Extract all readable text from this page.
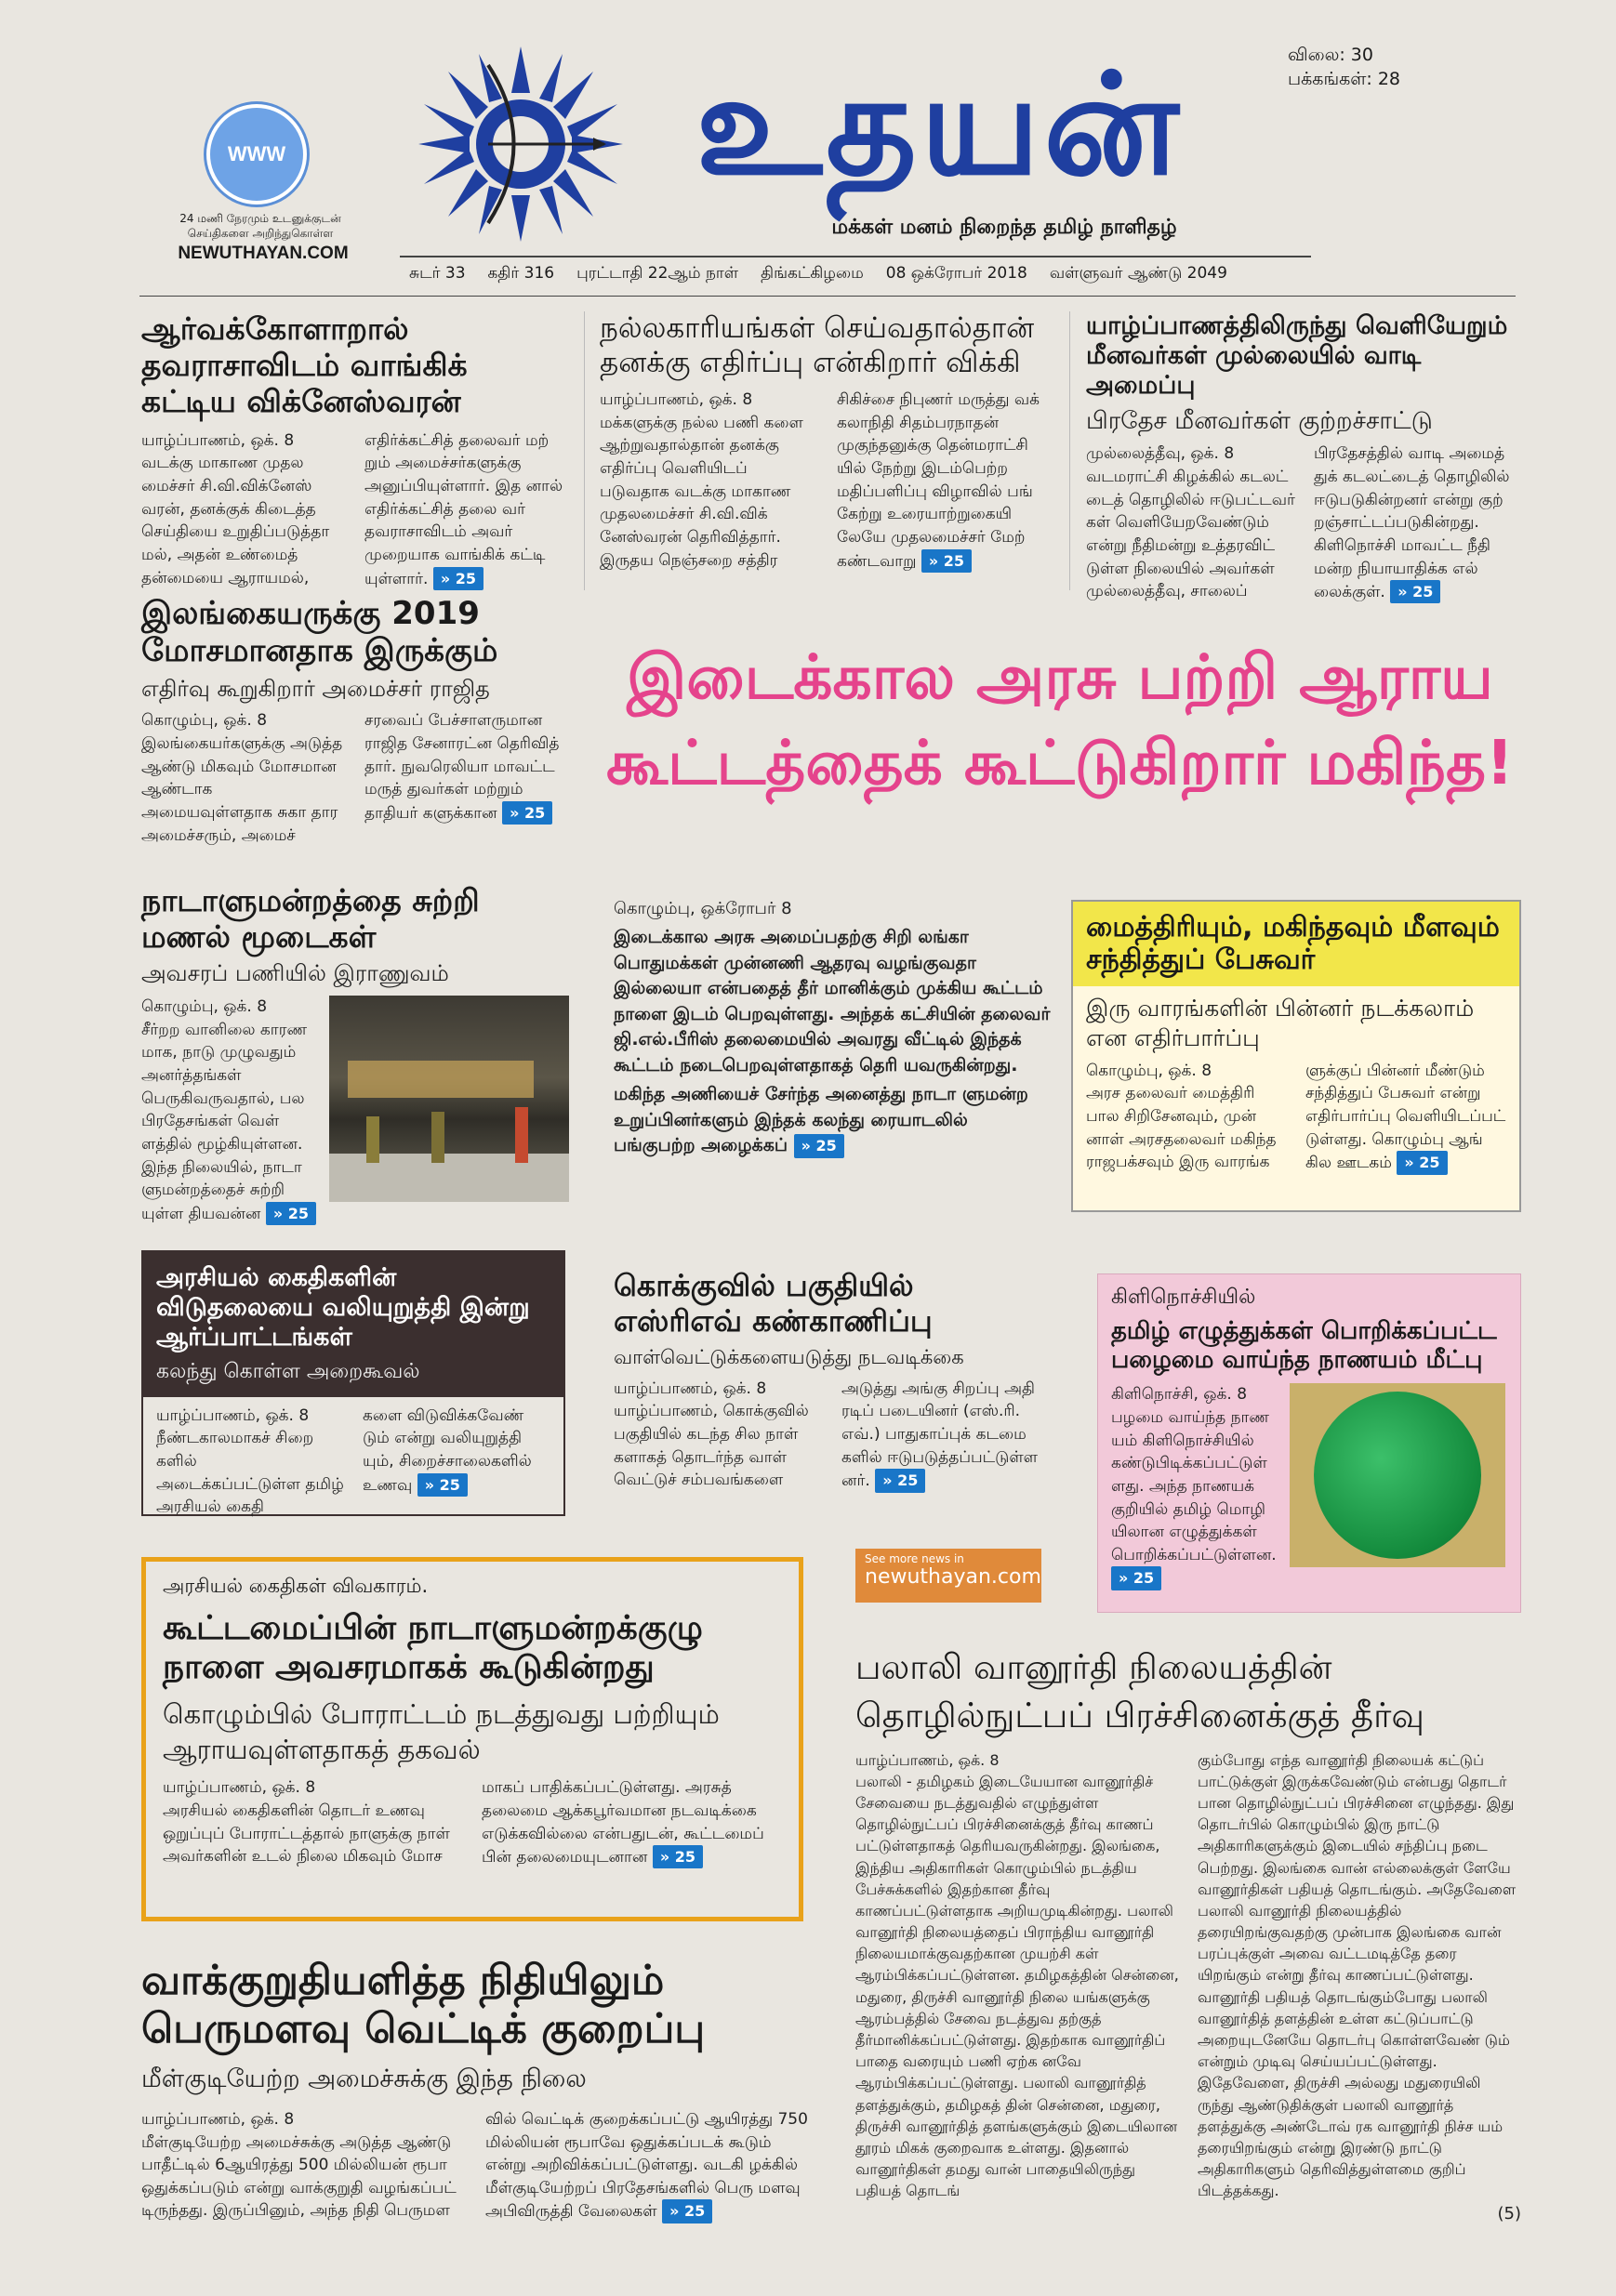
WWW
24 மணி நேரமும் உடனுக்குடன் செய்திகளை அறிந்துகொள்ள
NEWUTHAYAN.COM
உதயன்
மக்கள் மனம் நிறைந்த தமிழ் நாளிதழ்
விலை: 30
பக்கங்கள்: 28
சுடர் 33 கதிர் 316 புரட்டாதி 22ஆம் நாள் திங்கட்கிழமை 08 ஒக்ரோபர் 2018 வள்ளுவர் ஆண்டு 2049
ஆர்வக்கோளாறால் தவராசாவிடம் வாங்கிக் கட்டிய விக்னேஸ்வரன்
யாழ்ப்பாணம், ஒக். 8
வடக்கு மாகாண முதல மைச்சர் சி.வி.விக்னேஸ் வரன், தனக்குக் கிடைத்த செய்தியை உறுதிப்படுத்தா மல், அதன் உண்மைத் தன்மையை ஆராயமல்,
எதிர்க்கட்சித் தலைவர் மற் றும் அமைச்சர்களுக்கு அனுப்பியுள்ளார். இத னால் எதிர்க்கட்சித் தலை வர் தவராசாவிடம் அவர் முறையாக வாங்கிக் கட்டி யுள்ளார். » 25
நல்லகாரியங்கள் செய்வதால்தான் தனக்கு எதிர்ப்பு என்கிறார் விக்கி
யாழ்ப்பாணம், ஒக். 8
மக்களுக்கு நல்ல பணி களை ஆற்றுவதால்தான் தனக்கு எதிர்ப்பு வெளியிடப் படுவதாக வடக்கு மாகாண முதலமைச்சர் சி.வி.விக் னேஸ்வரன் தெரிவித்தார். இருதய நெஞ்சறை சத்திர
சிகிச்சை நிபுணர் மருத்து வக் கலாநிதி சிதம்பரநாதன் முகுந்தனுக்கு தென்மராட்சி யில் நேற்று இடம்பெற்ற மதிப்பளிப்பு விழாவில் பங் கேற்று உரையாற்றுகையி லேயே முதலமைச்சர் மேற் கண்டவாறு » 25
யாழ்ப்பாணத்திலிருந்து வெளியேறும் மீனவர்கள் முல்லையில் வாடி அமைப்பு
பிரதேச மீனவர்கள் குற்றச்சாட்டு
முல்லைத்தீவு, ஒக். 8
வடமராட்சி கிழக்கில் கடலட் டைத் தொழிலில் ஈடுபட்டவர் கள் வெளியேறவேண்டும் என்று நீதிமன்று உத்தரவிட் டுள்ள நிலையில் அவர்கள் முல்லைத்தீவு, சாலைப்
பிரதேசத்தில் வாடி அமைத் துக் கடலட்டைத் தொழிலில் ஈடுபடுகின்றனர் என்று குற் றஞ்சாட்டப்படுகின்றது. கிளிநொச்சி மாவட்ட நீதி மன்ற நியாயாதிக்க எல் லைக்குள். » 25
இலங்கையருக்கு 2019 மோசமானதாக இருக்கும்
எதிர்வு கூறுகிறார் அமைச்சர் ராஜித
கொழும்பு, ஒக். 8
இலங்கையர்களுக்கு அடுத்த ஆண்டு மிகவும் மோசமான ஆண்டாக அமையவுள்ளதாக சுகா தார அமைச்சரும், அமைச்
சரவைப் பேச்சாளருமான ராஜித சேனாரட்ன தெரிவித் தார். நுவரெலியா மாவட்ட மருத் துவர்கள் மற்றும் தாதியர் களுக்கான » 25
இடைக்கால அரசு பற்றி ஆராய
கூட்டத்தைக் கூட்டுகிறார் மகிந்த!
நாடாளுமன்றத்தை சுற்றி மணல் மூடைகள்
அவசரப் பணியில் இராணுவம்
கொழும்பு, ஒக். 8
சீர்றற வானிலை காரண மாக, நாடு முழுவதும் அனர்த்தங்கள் பெருகிவருவதால், பல பிரதேசங்கள் வெள் ளத்தில் மூழ்கியுள்ளன. இந்த நிலையில், நாடா ளுமன்றத்தைச் சுற்றி யுள்ள தியவன்ன » 25
கொழும்பு, ஒக்ரோபர் 8
இடைக்கால அரசு அமைப்பதற்கு சிறி லங்கா பொதுமக்கள் முன்னணி ஆதரவு வழங்குவதா இல்லையா என்பதைத் தீர் மானிக்கும் முக்கிய கூட்டம் நாளை இடம் பெறவுள்ளது. அந்தக் கட்சியின் தலைவர் ஜி.எல்.பீரிஸ் தலைமையில் அவரது வீட்டில் இந்தக் கூட்டம் நடைபெறவுள்ளதாகத் தெரி யவருகின்றது.
மகிந்த அணியைச் சேர்ந்த அனைத்து நாடா ளுமன்ற உறுப்பினர்களும் இந்தக் கலந்து ரையாடலில் பங்குபற்ற அழைக்கப் » 25
மைத்திரியும், மகிந்தவும் மீளவும் சந்தித்துப் பேசுவர்
இரு வாரங்களின் பின்னர் நடக்கலாம் என எதிர்பார்ப்பு
கொழும்பு, ஒக். 8
அரச தலைவர் மைத்திரி பால சிறிசேனவும், முன் னாள் அரசதலைவர் மகிந்த ராஜபக்சவும் இரு வாரங்க
ளுக்குப் பின்னர் மீண்டும் சந்தித்துப் பேசுவர் என்று எதிர்பார்ப்பு வெளியிடப்பட் டுள்ளது. கொழும்பு ஆங் கில ஊடகம் » 25
அரசியல் கைதிகளின் விடுதலையை வலியுறுத்தி இன்று ஆர்ப்பாட்டங்கள்
கலந்து கொள்ள அறைகூவல்
யாழ்ப்பாணம், ஒக். 8
நீண்டகாலமாகச் சிறை களில் அடைக்கப்பட்டுள்ள தமிழ் அரசியல் கைதி
களை விடுவிக்கவேண் டும் என்று வலியுறுத்தி யும், சிறைச்சாலைகளில் உணவு » 25
கொக்குவில் பகுதியில் எஸ்ரிஎவ் கண்காணிப்பு
வாள்வெட்டுக்களையடுத்து நடவடிக்கை
யாழ்ப்பாணம், ஒக். 8
யாழ்ப்பாணம், கொக்குவில் பகுதியில் கடந்த சில நாள் களாகத் தொடர்ந்த வாள் வெட்டுச் சம்பவங்களை
அடுத்து அங்கு சிறப்பு அதி ரடிப் படையினர் (எஸ்.ரி. எவ்.) பாதுகாப்புக் கடமை களில் ஈடுபடுத்தப்பட்டுள்ள னர். » 25
See more news in
newuthayan.com
கிளிநொச்சியில்
தமிழ் எழுத்துக்கள் பொறிக்கப்பட்ட பழைமை வாய்ந்த நாணயம் மீட்பு
கிளிநொச்சி, ஒக். 8
பழமை வாய்ந்த நாண யம் கிளிநொச்சியில் கண்டுபிடிக்கப்பட்டுள் ளது. அந்த நாணயக் குறியில் தமிழ் மொழி யிலான எழுத்துக்கள் பொறிக்கப்பட்டுள்ளன. » 25
அரசியல் கைதிகள் விவகாரம்.
கூட்டமைப்பின் நாடாளுமன்றக்குழு நாளை அவசரமாகக் கூடுகின்றது
கொழும்பில் போராட்டம் நடத்துவது பற்றியும் ஆராயவுள்ளதாகத் தகவல்
யாழ்ப்பாணம், ஒக். 8
அரசியல் கைதிகளின் தொடர் உணவு ஒறுப்புப் போராட்டத்தால் நாளுக்கு நாள் அவர்களின் உடல் நிலை மிகவும் மோச
மாகப் பாதிக்கப்பட்டுள்ளது. அரசுத் தலைமை ஆக்கபூர்வமான நடவடிக்கை எடுக்கவில்லை என்பதுடன், கூட்டமைப் பின் தலைமையுடனான » 25
பலாலி வானூர்தி நிலையத்தின் தொழில்நுட்பப் பிரச்சினைக்குத் தீர்வு
யாழ்ப்பாணம், ஒக். 8
பலாலி - தமிழகம் இடையேயான வானூர்திச் சேவையை நடத்துவதில் எழுந்துள்ள தொழில்நுட்பப் பிரச்சினைக்குத் தீர்வு காணப் பட்டுள்ளதாகத் தெரியவருகின்றது. இலங்கை, இந்திய அதிகாரிகள் கொழும்பில் நடத்திய பேச்சுக்களில் இதற்கான தீர்வு காணப்பட்டுள்ளதாக அறியமுடிகின்றது. பலாலி வானூர்தி நிலையத்தைப் பிராந்திய வானூர்தி நிலையமாக்குவதற்கான முயற்சி கள் ஆரம்பிக்கப்பட்டுள்ளன. தமிழகத்தின் சென்னை, மதுரை, திருச்சி வானூர்தி நிலை யங்களுக்கு ஆரம்பத்தில் சேவை நடத்துவ தற்குத் தீர்மானிக்கப்பட்டுள்ளது. இதற்காக வானூர்திப் பாதை வரையும் பணி ஏற்க னவே ஆரம்பிக்கப்பட்டுள்ளது. பலாலி வானூர்தித் தளத்துக்கும், தமிழகத் தின் சென்னை, மதுரை, திருச்சி வானூர்தித் தளங்களுக்கும் இடையிலான தூரம் மிகக் குறைவாக உள்ளது. இதனால் வானூர்திகள் தமது வான் பாதையிலிருந்து பதியத் தொடங்
கும்போது எந்த வானூர்தி நிலையக் கட்டுப் பாட்டுக்குள் இருக்கவேண்டும் என்பது தொடர் பான தொழில்நுட்பப் பிரச்சினை எழுந்தது. இது தொடர்பில் கொழும்பில் இரு நாட்டு அதிகாரிகளுக்கும் இடையில் சந்திப்பு நடை பெற்றது. இலங்கை வான் எல்லைக்குள் ளேயே வானூர்திகள் பதியத் தொடங்கும். அதேவேளை பலாலி வானூர்தி நிலையத்தில் தரையிறங்குவதற்கு முன்பாக இலங்கை வான் பரப்புக்குள் அவை வட்டமடித்தே தரை யிறங்கும் என்று தீர்வு காணப்பட்டுள்ளது. வானூர்தி பதியத் தொடங்கும்போது பலாலி வானூர்தித் தளத்தின் உள்ள கட்டுப்பாட்டு அறையுடனேயே தொடர்பு கொள்ளவேண் டும் என்றும் முடிவு செய்யப்பட்டுள்ளது. இதேவேளை, திருச்சி அல்லது மதுரையிலி ருந்து ஆண்டுதிக்குள் பலாலி வானூர்த் தளத்துக்கு அண்டோவ் ரக வானூர்தி நிச்ச யம் தரையிறங்கும் என்று இரண்டு நாட்டு அதிகாரிகளும் தெரிவித்துள்ளமை குறிப் பிடத்தக்கது.
(5)
வாக்குறுதியளித்த நிதியிலும் பெருமளவு வெட்டிக் குறைப்பு
மீள்குடியேற்ற அமைச்சுக்கு இந்த நிலை
யாழ்ப்பாணம், ஒக். 8
மீள்குடியேற்ற அமைச்சுக்கு அடுத்த ஆண்டு பாதீட்டில் 6ஆயிரத்து 500 மில்லியன் ரூபா ஒதுக்கப்படும் என்று வாக்குறுதி வழங்கப்பட் டிருந்தது. இருப்பினும், அந்த நிதி பெருமள
வில் வெட்டிக் குறைக்கப்பட்டு ஆயிரத்து 750 மில்லியன் ரூபாவே ஒதுக்கப்படக் கூடும் என்று அறிவிக்கப்பட்டுள்ளது. வடகி ழக்கில் மீள்குடியேற்றப் பிரதேசங்களில் பெரு மளவு அபிவிருத்தி வேலைகள் » 25
